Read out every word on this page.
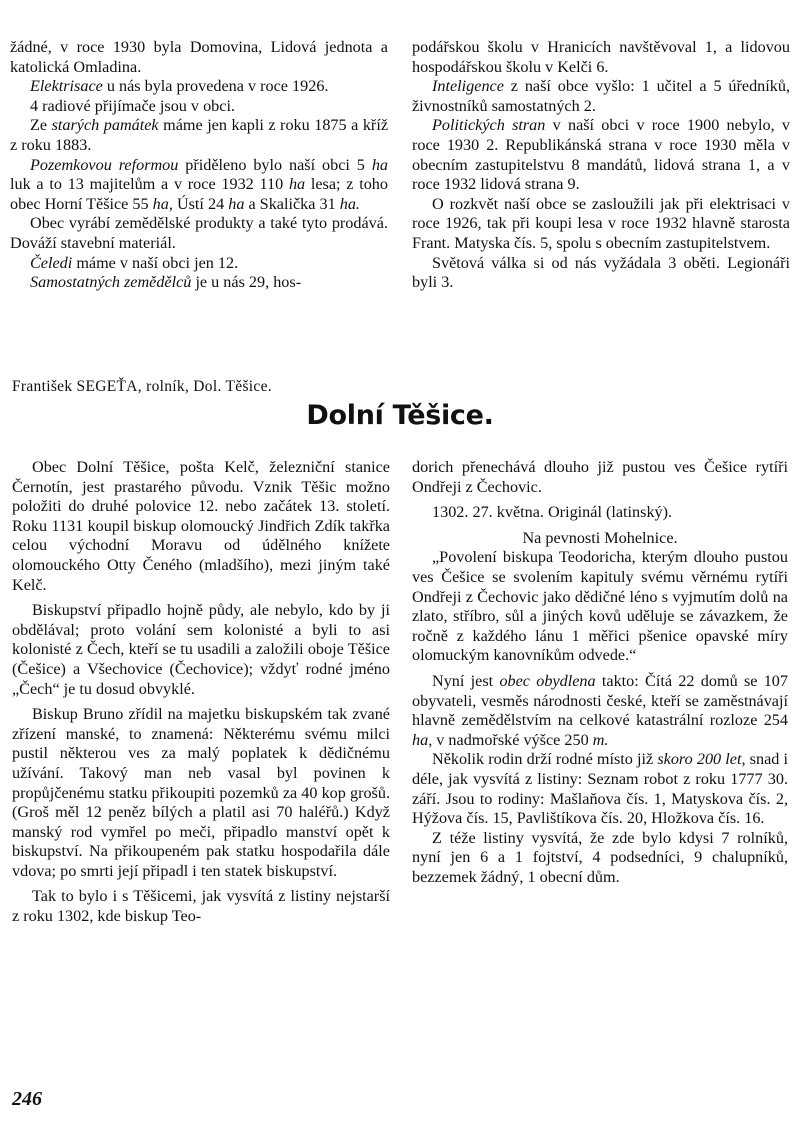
žádné, v roce 1930 byla Domovina, Lidová jednota a katolická Omladina.

Elektrisace u nás byla provedena v roce 1926.

4 radiové přijímače jsou v obci.

Ze starých památek máme jen kapli z roku 1875 a kříž z roku 1883.

Pozemkovou reformou přiděleno bylo naší obci 5 ha luk a to 13 majitelům a v roce 1932 110 ha lesa; z toho obec Horní Těšice 55 ha, Ústí 24 ha a Skalička 31 ha.

Obec vyrábí zemědělské produkty a také tyto prodává. Dováží stavební materiál.

Čeledi máme v naší obci jen 12.

Samostatných zemědělců je u nás 29, hos-

podářskou školu v Hranicích navštěvoval 1, a lidovou hospodářskou školu v Kelči 6.

Inteligence z naší obce vyšlo: 1 učitel a 5 úředníků, živnostníků samostatných 2.

Politických stran v naší obci v roce 1900 nebylo, v roce 1930 2. Republikánská strana v roce 1930 měla v obecním zastupitelstvu 8 mandátů, lidová strana 1, a v roce 1932 lidová strana 9.

O rozkvět naší obce se zasloužili jak při elektrisaci v roce 1926, tak při koupi lesa v roce 1932 hlavně starosta Frant. Matyska čís. 5, spolu s obecním zastupitelstvem.

Světová válka si od nás vyžádala 3 oběti. Legionáři byli 3.

František SEGEŤA, rolník, Dol. Těšice.
Dolní Těšice.

Obec Dolní Těšice, pošta Kelč, železniční stanice Černotín, jest prastarého původu. Vznik Těšic možno položiti do druhé polovice 12. nebo začátek 13. století. Roku 1131 koupil biskup olomoucký Jindřich Zdík takřka celou východní Moravu od údělného knížete olomouckého Otty Čeného (mladšího), mezi jiným také Kelč.

Biskupství připadlo hojně půdy, ale nebylo, kdo by ji obdělával; proto volání sem kolonisté a byli to asi kolonisté z Čech, kteří se tu usadili a založili oboje Těšice (Češice) a Všechovice (Čechovice); vždyť rodné jméno „Čech“ je tu dosud obvyklé.

Biskup Bruno zřídil na majetku biskupském tak zvané zřízení manské, to znamená: Některému svému milci pustil některou ves za malý poplatek k dědičnému užívání. Takový man neb vasal byl povinen k propůjčenému statku přikoupiti pozemků za 40 kop grošů. (Groš měl 12 peněz bílých a platil asi 70 haléřů.) Když manský rod vymřel po meči, připadlo manství opět k biskupství. Na přikoupeném pak statku hospodařila dále vdova; po smrti její připadl i ten statek biskupství.

Tak to bylo i s Těšicemi, jak vysvítá z listiny nejstarší z roku 1302, kde biskup Teo-

dorich přenechává dlouho již pustou ves Češice rytíři Ondřeji z Čechovic.

1302. 27. května. Originál (latinský).

Na pevnosti Mohelnice.

„Povolení biskupa Teodoricha, kterým dlouho pustou ves Češice se svolením kapituly svému věrnému rytíři Ondřeji z Čechovic jako dědičné léno s vyjmutím dolů na zlato, stříbro, sůl a jiných kovů uděluje se závazkem, že ročně z každého lánu 1 měřici pšenice opavské míry olomuckým kanovníkům odvede.“

Nyní jest obec obydlena takto: Čítá 22 domů se 107 obyvateli, vesměs národnosti české, kteří se zaměstnávají hlavně zemědělstvím na celkové katastrální rozloze 254 ha, v nadmořské výšce 250 m.

Několik rodin drží rodné místo již skoro 200 let, snad i déle, jak vysvítá z listiny: Seznam robot z roku 1777 30. září. Jsou to rodiny: Mašlaňova čís. 1, Matyskova čís. 2, Hýžova čís. 15, Pavlištíkova čís. 20, Hložkova čís. 16.

Z téže listiny vysvítá, že zde bylo kdysi 7 rolníků, nyní jen 6 a 1 fojtství, 4 podsedníci, 9 chalupníků, bezzemek žádný, 1 obecní dům.

246
